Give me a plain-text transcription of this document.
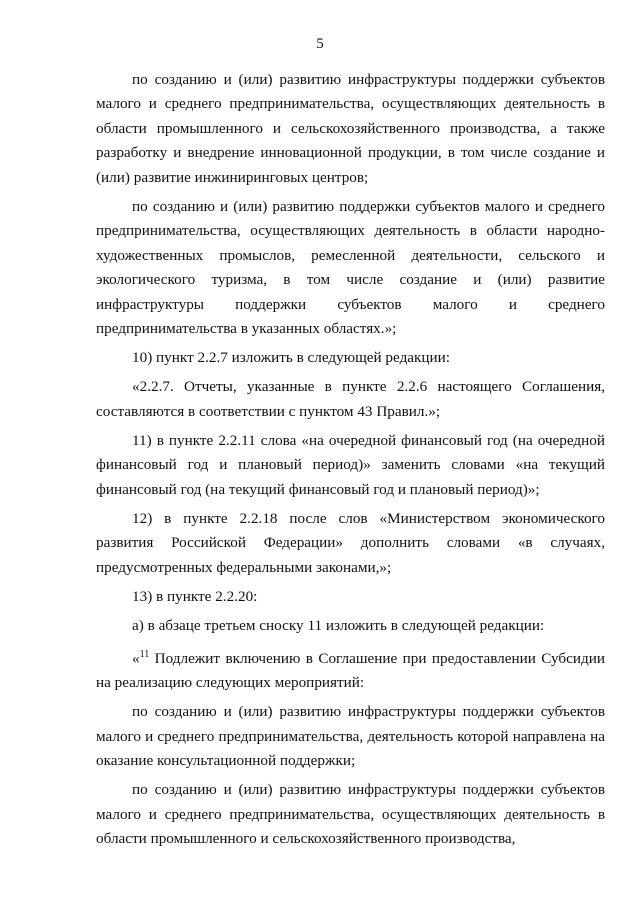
5

по созданию и (или) развитию инфраструктуры поддержки субъектов малого и среднего предпринимательства, осуществляющих деятельность в области промышленного и сельскохозяйственного производства, а также разработку и внедрение инновационной продукции, в том числе создание и (или) развитие инжиниринговых центров;

по созданию и (или) развитию поддержки субъектов малого и среднего предпринимательства, осуществляющих деятельность в области народно-художественных промыслов, ремесленной деятельности, сельского и экологического туризма, в том числе создание и (или) развитие инфраструктуры поддержки субъектов малого и среднего предпринимательства в указанных областях.»;

10) пункт 2.2.7 изложить в следующей редакции:

«2.2.7. Отчеты, указанные в пункте 2.2.6 настоящего Соглашения, составляются в соответствии с пунктом 43 Правил.»;

11) в пункте 2.2.11 слова «на очередной финансовый год (на очередной финансовый год и плановый период)» заменить словами «на текущий финансовый год (на текущий финансовый год и плановый период)»;

12) в пункте 2.2.18 после слов «Министерством экономического развития Российской Федерации» дополнить словами «в случаях, предусмотренных федеральными законами,»;

13) в пункте 2.2.20:

а) в абзаце третьем сноску 11 изложить в следующей редакции:

«$^{11}$ Подлежит включению в Соглашение при предоставлении Субсидии на реализацию следующих мероприятий:

по созданию и (или) развитию инфраструктуры поддержки субъектов малого и среднего предпринимательства, деятельность которой направлена на оказание консультационной поддержки;

по созданию и (или) развитию инфраструктуры поддержки субъектов малого и среднего предпринимательства, осуществляющих деятельность в области промышленного и сельскохозяйственного производства,
